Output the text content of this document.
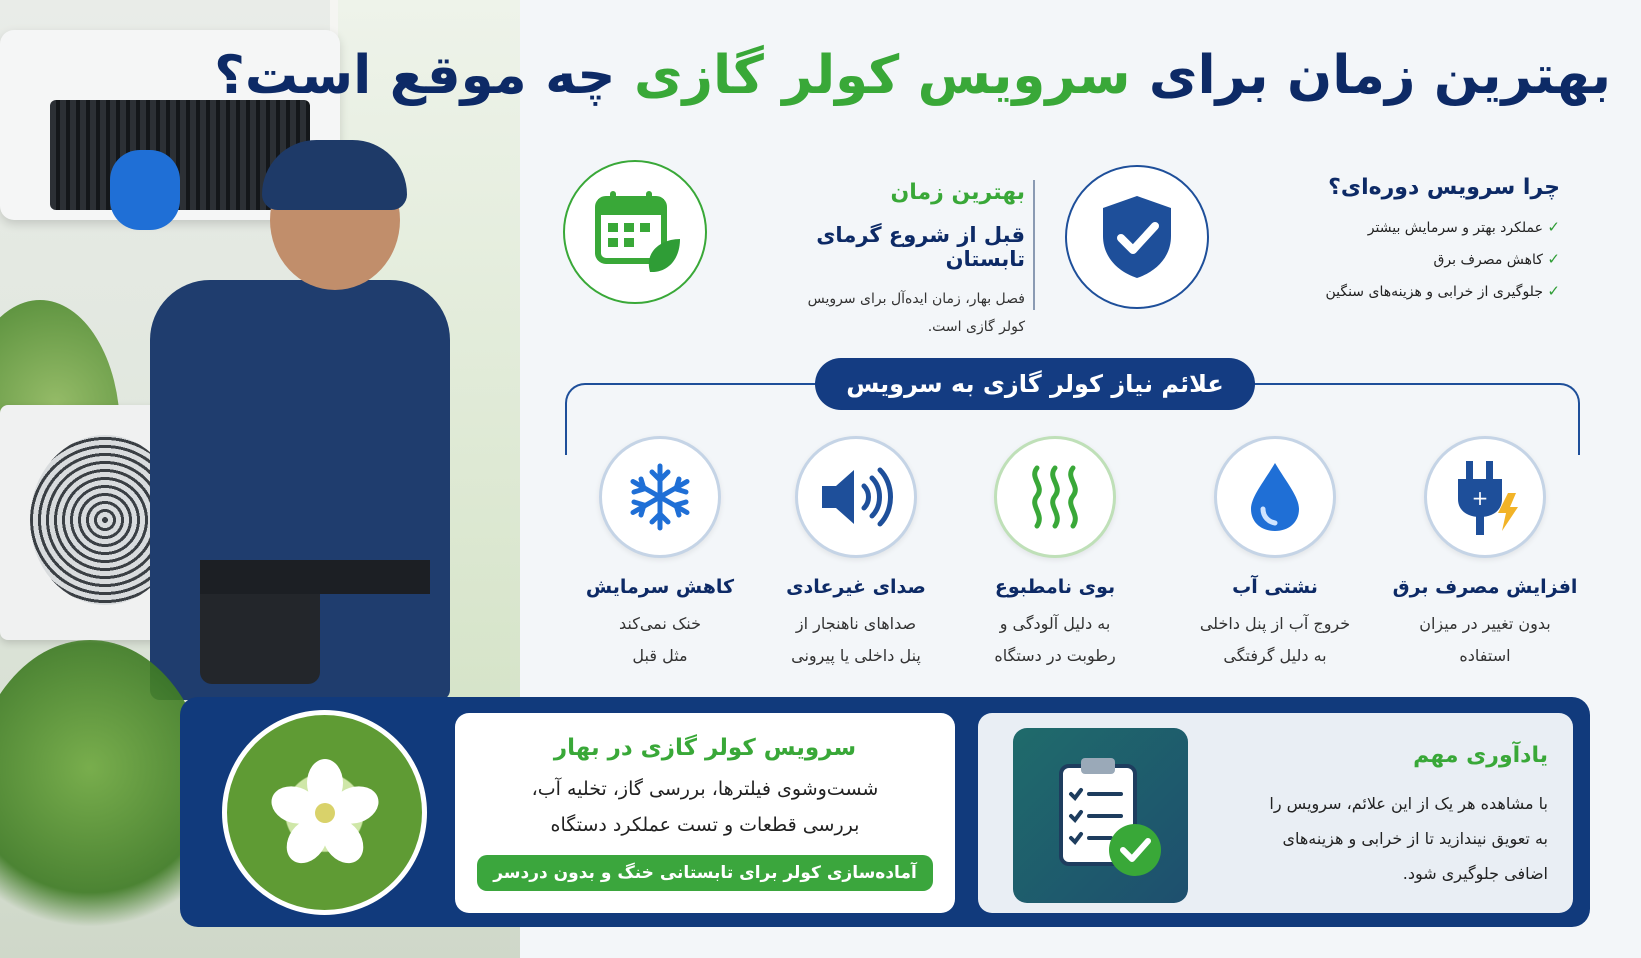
بهترین زمان برای سرویس کولر گازی چه موقع است؟

بهترین زمان

قبل از شروع گرمای تابستان

فصل بهار، زمان ایده‌آل برای سرویس
کولر گازی است.

چرا سرویس دوره‌ای؟
✓ عملکرد بهتر و سرمایش بیشتر
✓ کاهش مصرف برق
✓ جلوگیری از خرابی و هزینه‌های سنگین
علائم نیاز کولر گازی به سرویس
+
افزایش مصرف برق

بدون تغییر در میزان
استفاده

نشتی آب

خروج آب از پنل داخلی
به دلیل گرفتگی

بوی نامطبوع

به دلیل آلودگی و
رطوبت در دستگاه

صدای غیرعادی

صداهای ناهنجار از
پنل داخلی یا پیرونی

کاهش سرمایش

خنک نمی‌کند
مثل قبل

سرویس کولر گازی در بهار

شست‌وشوی فیلترها، بررسی گاز، تخلیه آب،
بررسی قطعات و تست عملکرد دستگاه

آماده‌سازی کولر برای تابستانی خنگ و بدون دردسر
یادآوری مهم

با مشاهده هر یک از این علائم، سرویس را
به تعویق نیندازید تا از خرابی و هزینه‌های
اضافی جلوگیری شود.
